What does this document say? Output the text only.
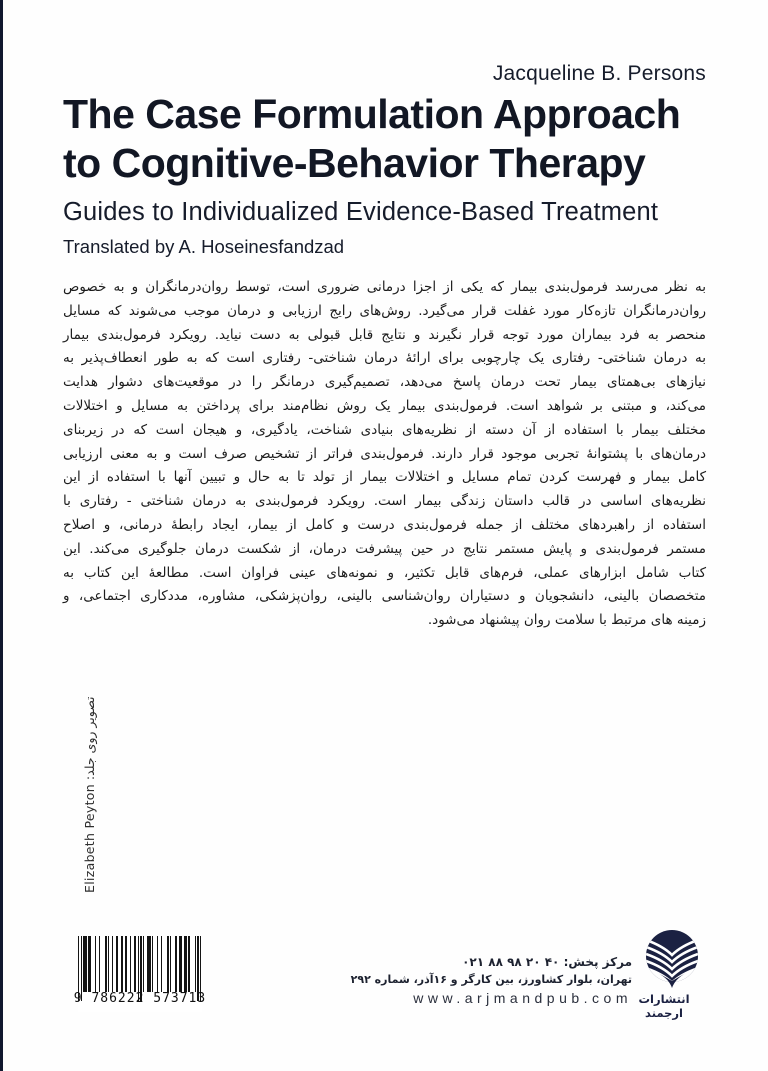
Jacqueline B. Persons
The Case Formulation Approach
to Cognitive-Behavior Therapy
Guides to Individualized Evidence-Based Treatment
Translated by A. Hoseinesfandzad
به نظر می‌رسد فرمول‌بندی بیمار که یکی از اجزا درمانی ضروری است، توسط روان‌درمانگران و به خصوص
روان‌درمانگران تازه‌کار مورد غفلت قرار می‌گیرد. روش‌های رایج ارزیابی و درمان موجب می‌شوند که مسایل
منحصر به فرد بیماران مورد توجه قرار نگیرند و نتایج قابل قبولی به دست نیاید. رویکرد فرمول‌بندی بیمار
به درمان شناختی- رفتاری یک چارچوبی برای ارائهٔ درمان شناختی- رفتاری است که به طور انعطاف‌پذیر به
نیازهای بی‌همتای بیمار تحت درمان پاسخ می‌دهد، تصمیم‌گیری درمانگر را در موقعیت‌های دشوار هدایت
می‌کند، و مبتنی بر شواهد است. فرمول‌بندی بیمار یک روش نظام‌مند برای پرداختن به مسایل و اختلالات
مختلف بیمار با استفاده از آن دسته از نظریه‌های بنیادی شناخت، یادگیری، و هیجان است که در زیربنای
درمان‌های با پشتوانهٔ تجربی موجود قرار دارند. فرمول‌بندی فراتر از تشخیص صرف است و به معنی ارزیابی
کامل بیمار و فهرست کردن تمام مسایل و اختلالات بیمار از تولد تا به حال و تبیین آنها با استفاده از این
نظریه‌های اساسی در قالب داستان زندگی بیمار است. رویکرد فرمول‌بندی به درمان شناختی - رفتاری با
استفاده از راهبردهای مختلف از جمله فرمول‌بندی درست و کامل از بیمار، ایجاد رابطهٔ درمانی، و اصلاح
مستمر فرمول‌بندی و پایش مستمر نتایج در حین پیشرفت درمان، از شکست درمان جلوگیری می‌کند. این
کتاب شامل ابزارهای عملی، فرم‌های قابل تکثیر، و نمونه‌های عینی فراوان است. مطالعهٔ این کتاب به
متخصصان بالینی، دانشجویان و دستیاران روان‌شناسی بالینی، روان‌پزشکی، مشاوره، مددکاری اجتماعی، و
زمینه های مرتبط با سلامت روان پیشنهاد می‌شود.
تصویر روی جلد: Elizabeth Peyton
9 786222 573713	انتشارات ارجمند
مرکز پخش: ۰۲۱ ۸۸ ۹۸ ۲۰ ۴۰
تهران، بلوار کشاورز، بین کارگر و ۱۶آذر، شماره ۲۹۲
www.arjmandpub.com
